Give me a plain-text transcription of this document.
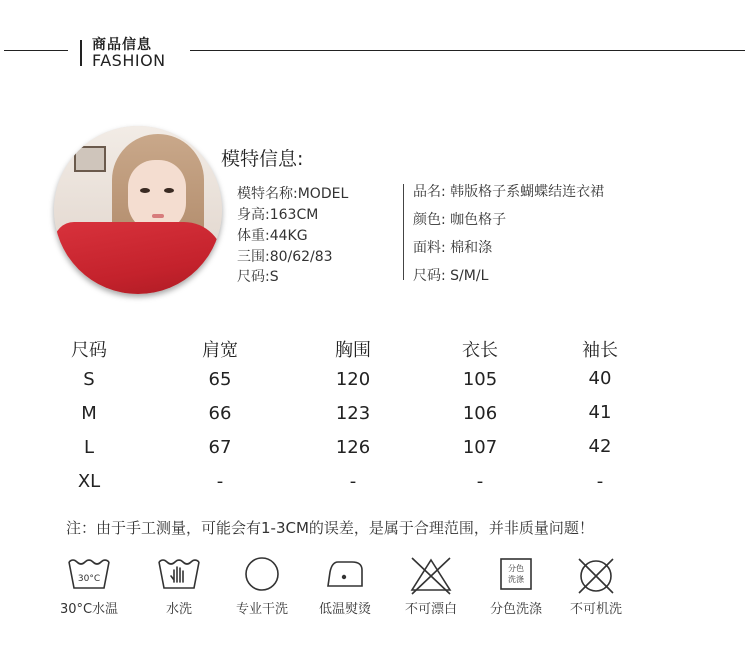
商品信息
FASHION
模特信息:
模特名称:MODEL
身高:163CM
体重:44KG
三围:80/62/83
尺码:S
品名: 韩版格子系蝴蝶结连衣裙
颜色: 咖色格子
面料: 棉和涤
尺码: S/M/L
尺码	肩宽	胸围	衣长	袖长
S	65	120	105	40
M	66	123	106	41
L	67	126	107	42
XL	-	-	-	-
注：由于手工测量，可能会有1-3CM的误差，是属于合理范围，并非质量问题！
30°C
30°C水温	水洗	专业干洗	低温熨烫	不可漂白
分色
洗涤
分色洗涤	不可机洗
